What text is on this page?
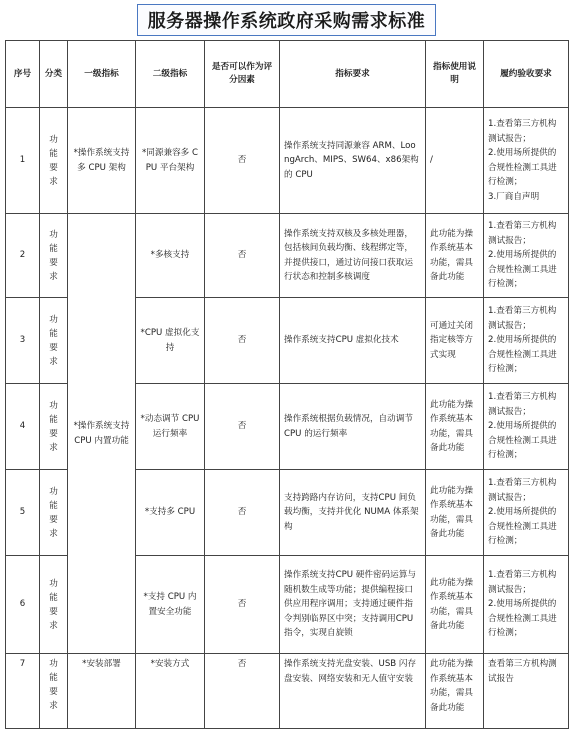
服务器操作系统政府采购需求标准
序号	分类	一级指标	二级指标	是否可以作为评分因素	指标要求	指标使用说明	履约验收要求
1	功能要求	*操作系统支持多 CPU 架构	*同源兼容多 CPU 平台架构	否	操作系统支持同源兼容 ARM、LoongArch、MIPS、SW64、x86架构的 CPU	/	1.查看第三方机构测试报告；
2.使用场所提供的合规性检测工具进行检测；
3.厂商自声明

2	功能要求	*操作系统支持 CPU 内置功能	*多核支持	否	操作系统支持双核及多核处理器，包括核间负载均衡、线程绑定等，并提供接口，通过访问接口获取运行状态和控制多核调度	此功能为操作系统基本功能，需具备此功能	1.查看第三方机构测试报告；
2.使用场所提供的合规性检测工具进行检测；

3	功能要求		*CPU 虚拟化支持	否	操作系统支持CPU 虚拟化技术	可通过关闭指定核等方式实现	1.查看第三方机构测试报告；
2.使用场所提供的合规性检测工具进行检测；

4	功能要求		*动态调节 CPU 运行频率	否	操作系统根据负载情况，自动调节 CPU 的运行频率	此功能为操作系统基本功能，需具备此功能	1.查看第三方机构测试报告；
2.使用场所提供的合规性检测工具进行检测；

5	功能要求		*支持多 CPU	否	支持跨路内存访问，支持CPU 间负载均衡，支持并优化 NUMA 体系架构	此功能为操作系统基本功能，需具备此功能	1.查看第三方机构测试报告；
2.使用场所提供的合规性检测工具进行检测；

6	功能要求		*支持 CPU 内置安全功能	否	操作系统支持CPU 硬件密码运算与随机数生成等功能；提供编程接口供应用程序调用；支持通过硬件指令判别临界区中突；支持调用CPU 指令，实现自旋锁	此功能为操作系统基本功能，需具备此功能	1.查看第三方机构测试报告；
2.使用场所提供的合规性检测工具进行检测；

7	功能要求	*安装部署	*安装方式	否	操作系统支持光盘安装、USB 闪存盘安装、网络安装和无人值守安装	此功能为操作系统基本功能，需具备此功能	查看第三方机构测试报告
